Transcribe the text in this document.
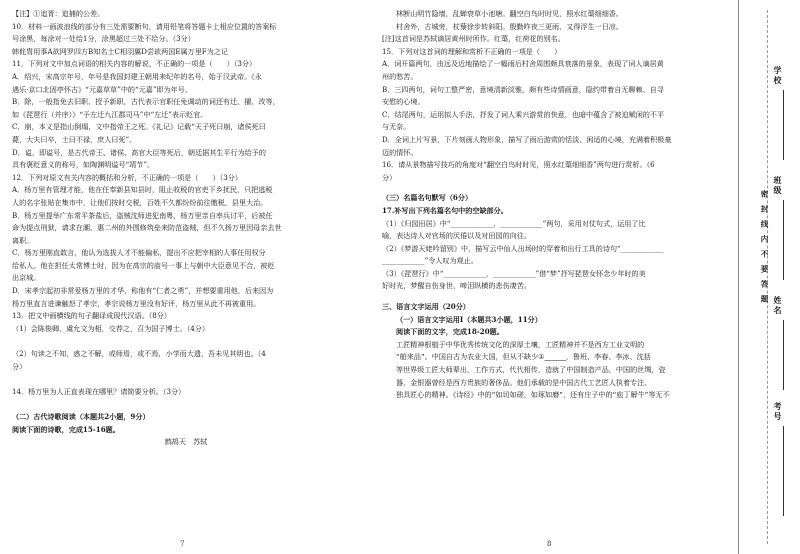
【注】①追胥：追捕的公差。
10．材料一画波浪线的部分有三处需要断句，请用铅笔将答题卡上相应位置的答案标
号涂黑，每涂对一处给1分，涂黑超过三处不给分。（3分）
韩侂胄用事A欲网罗四方B知名士C相羽翼D尝欲两国E属万里F为之记
11．下列对文中加点词语的相关内容的解说，不正确的一项是（　　）（3分）
A．绍兴，宋高宗年号，年号是我国封建王朝用来纪年的名号，始于汉武帝。《永
遇乐·京口北固亭怀古》“元嘉草草”中的“元嘉”即为年号。
B．除，一般指免去旧职、授予新职，古代表示官职任免调动的词还有迁、擢、改等，
如《琵琶行（并序）》“予左迁九江郡司马”中“左迁”表示贬官。
C．崩，本义是指山倒塌，文中指帝王之死。《礼记》记载“天子死曰崩，诸侯死曰
薨，大夫曰卒，士曰不禄，庶人曰死”。
D．谥，即谥号，是古代帝王、诸侯、高官大臣等死后，朝廷据其生平行为给予的
具有褒贬意义的称号，如陶渊明谥号“靖节”。
12．下列对原文有关内容的概括和分析，不正确的一项是（　　）（3分）
A．杨万里有管理才能，他在任奉新县知县时，阻止收税的官吏下乡扰民，只把逃税
人的名字张贴在集市中，让他们按时交税，百姓不久都纷纷前往缴税，县里大治。
B．杨万里提举广东常平茶盐后，盗贼沈师进犯南粤，杨万里亲自率兵讨平，后被任
命为提点刑狱，请求在潮、惠二州的外围修筑垒来防范盗贼，但不久杨万里因母亲去世
离职。
C．杨万里刚直敢言，他认为选拔人才不能偏私，提出不应把宰相的人事任用权分
给私人。他在担任太常博士时，因为在高宗的庙号一事上与朝中大臣意见不合，被贬
出京城。
D．宋孝宗起初非常爱杨万里的才华，称他有“仁者之勇”，并想要重用他，后来因为
杨万里直言进谏触怒了孝宗，孝宗说杨万里没有好评，杨万里从此不再被重用。
13．把文中画横线的句子翻译成现代汉语。（8分）
（1）会陈俊卿、虞允文为相，交荐之，召为国子博士。（4分）

（2）句读之不知，惑之不解，或师焉，或不焉，小学而大遗，吾未见其明也。（4
分）

14．杨万里为人正直表现在哪里？请简要分析。（3分）

（二）古代诗歌阅读（本题共2小题，9分）
阅读下面的诗歌，完成15-16题。
鹧鸪天　苏轼
7
林断山明竹隐墙，乱蝉衰草小池塘。翻空白鸟时时见，照水红蕖细细香。
村舍外，古城旁，杖藜徐步转斜阳。殷勤昨夜三更雨，又得浮生一日凉。
[注]这首词是苏轼谪居黄州时所作。红蕖，红荷花的别名。
15．下列对这首词的理解和赏析不正确的一项是（　　）
A．词开篇两句，由远及近地描绘了一幅雨后村舍周围颇具衰落的景象，表现了词人谪居黄
州的愁苦。
B．三四两句，词句工整严密，意境清新淡雅，颇有些诗情画意，隐约带着自无聊赖、自寻
安慰的心境。
C．结尾两句，运用拟人手法，抒发了词人乘兴游赏的快意，也暗中蕴含了被迫赋闲的不平
与无奈。
D．全词上片写景，下片刻画人物形象，描写了雨后游赏的恬淡、闲适的心境，充满着积极豪
迈的情怀。
16．请从景物描写技巧的角度对“翻空白鸟时时见，照水红蕖细细香”两句进行赏析。（6
分）
（三）名篇名句默写（6分）
17.补写出下列名篇名句中的空缺部分。
（1）《归园田居》中“____________，____________”两句，采用对仗句式，运用了比
喻，表达诗人对官场的厌倦以及对田园的向往。
（2）《梦游天姥吟留别》中，描写云中仙人出场时的穿着和出行工具的诗句“____________
____________”令人叹为观止。
（3）《琵琶行》中“____________，____________”借“梦”抒写琵琶女怀念少年时的美
好时光，梦醒自伤身世，啼泪纵横的悲伤凄苦。
三、语言文字运用（20分）
（一）语言文字运用Ⅰ（本题共3小题，11分）
阅读下面的文字，完成18-20题。
工匠精神根植于中华优秀传统文化的深厚土壤，工匠精神并不是西方工业文明的
“舶来品”。中国自古为农业大国，但从不缺少①______，鲁班、李春、李冰、沈括
等世界级工匠大师辈出，工作方式，代代相传，造就了中国制造产品，中国的丝绸，瓷
器，金银器曾经是西方贵族的奢侈品。他们承载的是中国古代工艺匠人执着专注、
独具匠心的精神。《诗经》中的“如切如磋，如琢如磨”，还有庄子中的“庖丁解牛”等无不
8
密　封　线　内　不　要　答　题
学校
班级
姓名
考号
